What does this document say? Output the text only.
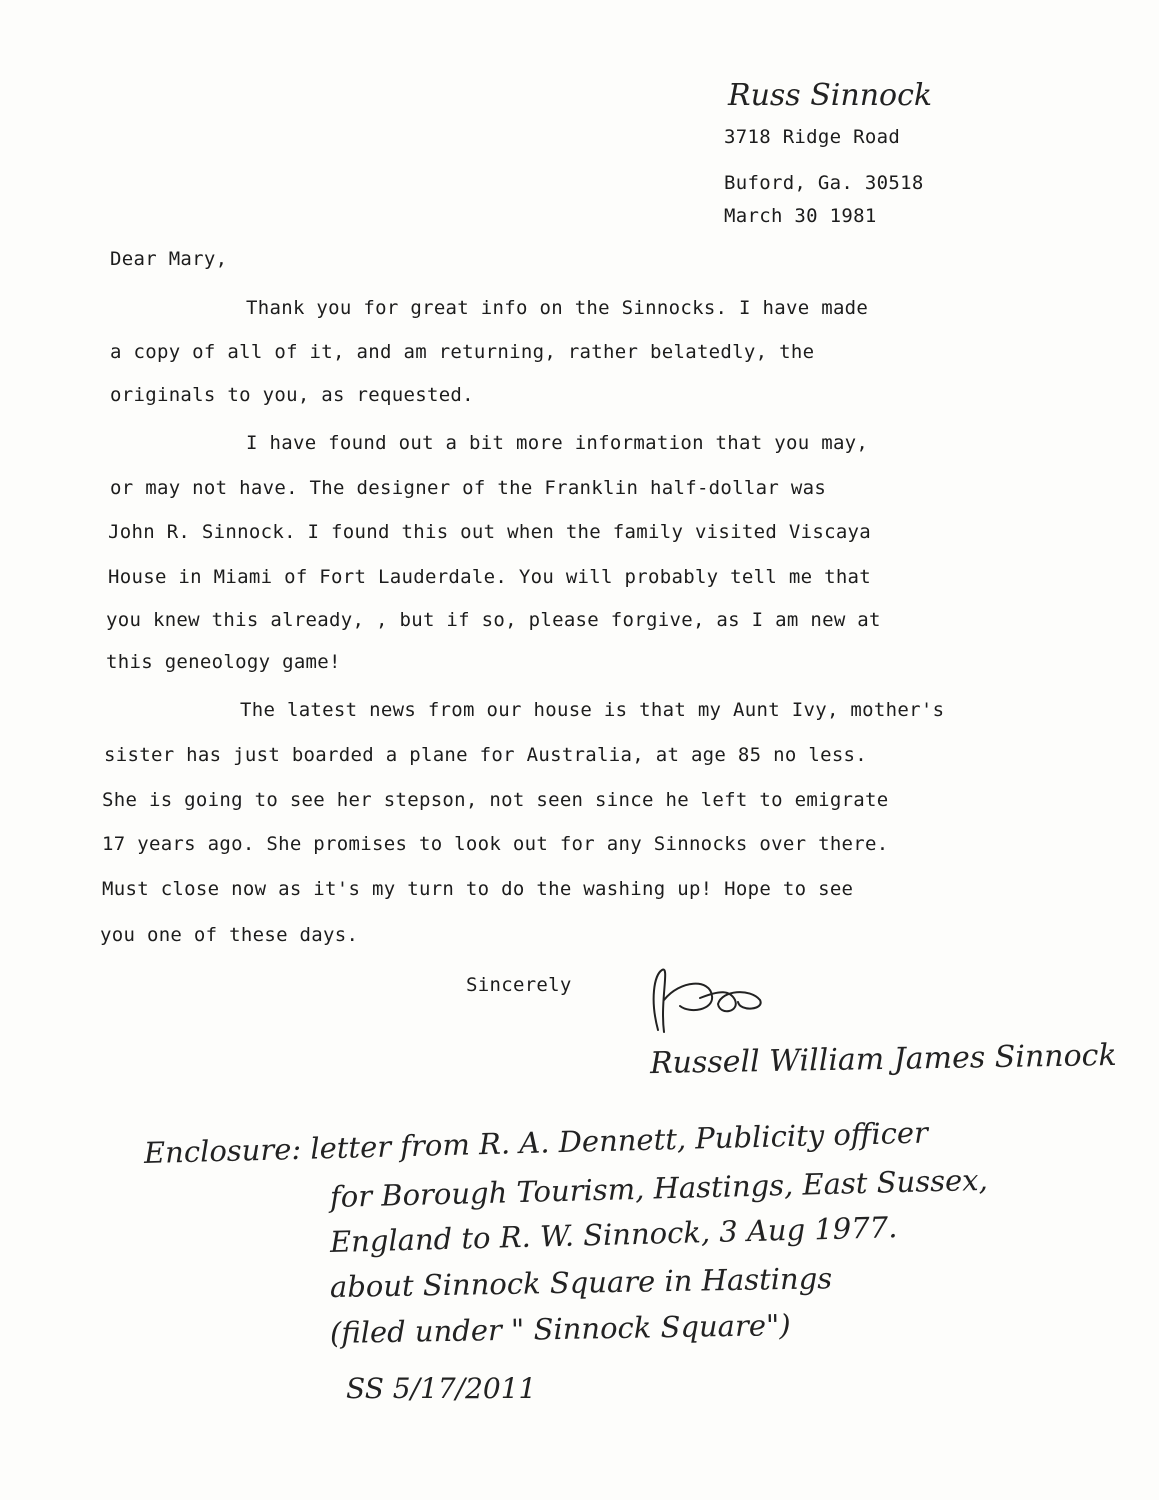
Russ Sinnock
3718 Ridge Road
Buford, Ga. 30518
March 30 1981
Dear Mary,
Thank you for great info on the Sinnocks. I have made
a copy of all of it, and am returning, rather belatedly, the
originals to you, as requested.
I have found out a bit more information that you may,
or may not have. The designer of the Franklin half-dollar was
John R. Sinnock. I found this out when the family visited Viscaya
House in Miami of Fort Lauderdale. You will probably tell me that
you knew this already, , but if so, please forgive, as I am new at
this geneology game!
The latest news from our house is that my Aunt Ivy, mother's
sister has just boarded a plane for Australia, at age 85 no less.
She is going to see her stepson, not seen since he left to emigrate
17 years ago. She promises to look out for any Sinnocks over there.
Must close now as it's my turn to do the washing up! Hope to see
you one of these days.
Sincerely
Russell William James Sinnock
Enclosure: letter from R. A. Dennett, Publicity officer
for Borough Tourism, Hastings, East Sussex,
England to R. W. Sinnock, 3 Aug 1977.
about Sinnock Square in Hastings
(filed under " Sinnock Square")
SS 5/17/2011
